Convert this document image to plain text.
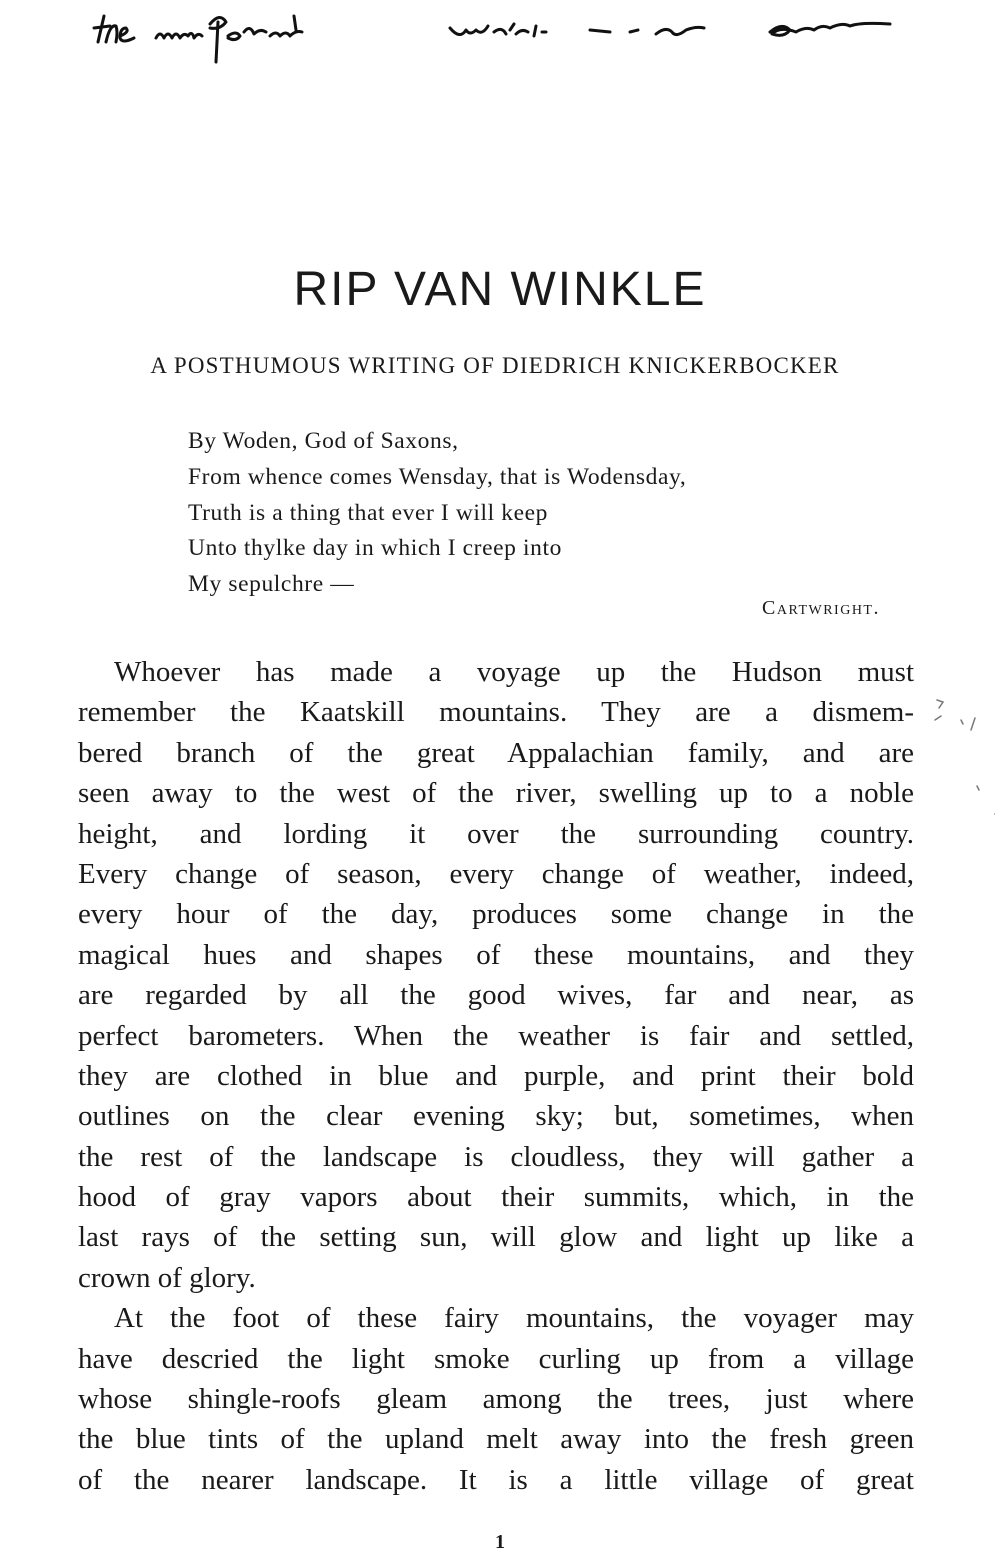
the important words are
RIP VAN WINKLE
A POSTHUMOUS WRITING OF DIEDRICH KNICKERBOCKER
By Woden, God of Saxons,
From whence comes Wensday, that is Wodensday,
Truth is a thing that ever I will keep
Unto thylke day in which I creep into
My sepulchre —
Cartwright.
Whoever has made a voyage up the Hudson must
remember the Kaatskill mountains. They are a dismem-
bered branch of the great Appalachian family, and are
seen away to the west of the river, swelling up to a noble
height, and lording it over the surrounding country.
Every change of season, every change of weather, indeed,
every hour of the day, produces some change in the
magical hues and shapes of these mountains, and they
are regarded by all the good wives, far and near, as
perfect barometers. When the weather is fair and settled,
they are clothed in blue and purple, and print their bold
outlines on the clear evening sky; but, sometimes, when
the rest of the landscape is cloudless, they will gather a
hood of gray vapors about their summits, which, in the
last rays of the setting sun, will glow and light up like a
crown of glory.
At the foot of these fairy mountains, the voyager may
have descried the light smoke curling up from a village
whose shingle-roofs gleam among the trees, just where
the blue tints of the upland melt away into the fresh green
of the nearer landscape. It is a little village of great
1
